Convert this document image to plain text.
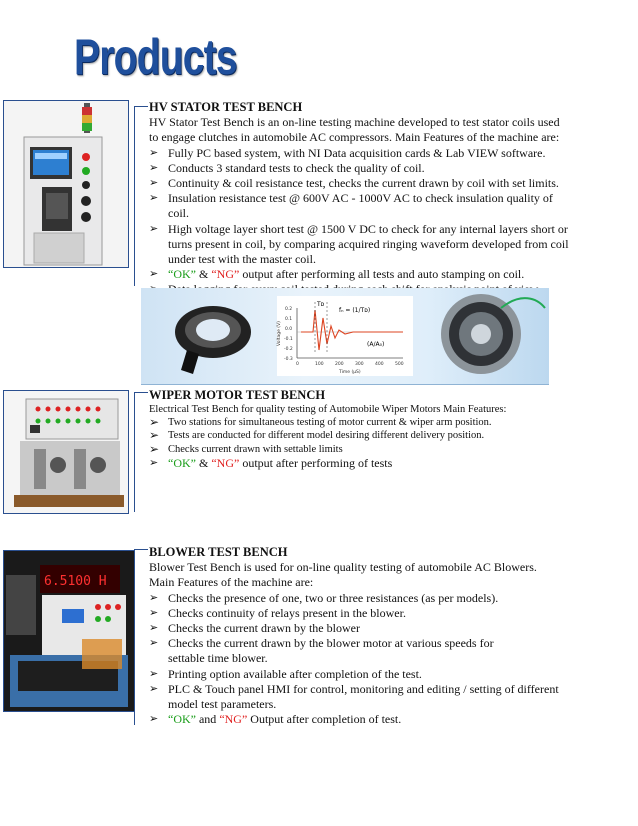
Products
HV STATOR TEST BENCH
HV Stator Test Bench is an on-line testing machine developed to test stator coils used to engage clutches in automobile AC compressors. Main Features of the machine are:
➢ Fully PC based system, with NI Data acquisition cards & Lab VIEW software.
➢ Conducts 3 standard tests to check the quality of coil.
➢ Continuity & coil resistance test, checks the current drawn by coil with set limits.
➢ Insulation resistance test @ 600V AC - 1000V AC to check insulation quality of coil.
➢ High voltage layer short test @ 1500 V DC to check for any internal layers short or turns present in coil, by comparing acquired ringing waveform developed from coil under test with the master coil.
➢ “OK” & “NG” output after performing all tests and auto stamping on coil.
Tᴅ
fₙ = (1/Tᴅ)
(A/A₀)
0.2
0.1
0.0
-0.1
-0.2
-0.3
0	100	200	300	400	500
Time (µS)
Voltage (V)
WIPER MOTOR TEST BENCH
Electrical Test Bench for quality testing of Automobile Wiper Motors Main Features:
➢ Two stations for simultaneous testing of motor current & wiper arm position.
➢ Tests are conducted for different model desiring different delivery position.
➢ Checks current drawn with settable limits
➢ “OK” & “NG” output after performing of tests
6.5100 H
BLOWER TEST BENCH
Blower Test Bench is used for on-line quality testing of automobile AC Blowers.
Main Features of the machine are:
➢ Checks the presence of one, two or three resistances (as per models).
➢ Checks continuity of relays present in the blower.
➢ Checks the current drawn by the blower
➢ Checks the current drawn by the blower motor at various speeds for settable time blower.
➢ Printing option available after completion of the test.
➢ PLC & Touch panel HMI for control, monitoring and editing / setting of different model test parameters.
➢ “OK” and “NG” Output after completion of test.
